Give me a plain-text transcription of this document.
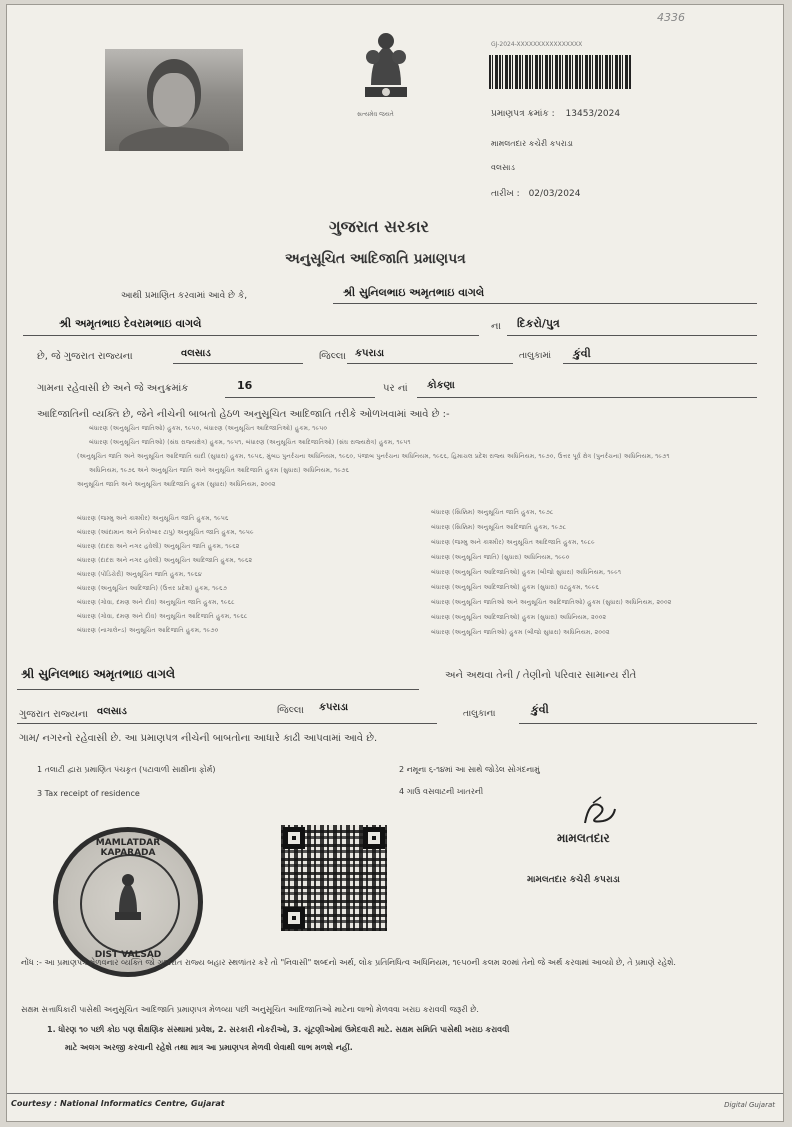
4336
સત્યમેવ જયતે
GJ-2024-XXXXXXXXXXXXXXXX
પ્રમાણપત્ર ક્રમાંક : 13453/2024
મામલતદાર કચેરી કપરાડા
વલસાડ
તારીખ : 02/03/2024
ગુજરાત સરકાર
અનુસૂચિત આદિજાતિ પ્રમાણપત્ર
આથી પ્રમાણિત કરવામાં આવે છે કે,	શ્રી સુનિલભાઇ અમૃતભાઇ વાગલે
શ્રી અમૃતભાઇ દેવરામભાઇ વાગલે	ના દિકરો/પુત્ર
છે, જે ગુજરાત રાજ્યના	વલસાડ	જિલ્લા કપરાડા	તાલુકામાં કુંવી
ગામના રહેવાસી છે અને જે અનુક્રમાંક	16	પર નાં કોકણા
આદિજાતિની વ્યક્તિ છે, જેને નીચેની બાબતો હેઠળ અનુસૂચિત આદિજાતિ તરીકે ઓળખવામાં આવે છે :-
બંધારણ (અનુસૂચિત જાતિઓ) હુકમ, ૧૯૫૦, બંધારણ (અનુસૂચિત આદિજાતિઓ) હુકમ, ૧૯૫૦
બંધારણ (અનુસૂચિત જાતિઓ) (સંઘ રાજ્યક્ષેત્ર) હુકમ, ૧૯૫૧, બંધારણ (અનુસૂચિત આદિજાતિઓ) (સંઘ રાજ્યક્ષેત્ર) હુકમ, ૧૯૫૧
(અનુસૂચિત જાતિ અને અનુસૂચિત આદિજાતિ યાદી (સુધારા) હુકમ, ૧૯૫૬, મુંબઇ પુનર્રચના અધિનિયમ, ૧૯૬૦, પંજાબ પુનર્રચના અધિનિયમ, ૧૯૬૬, હિમાચલ પ્રદેશ રાજ્ય અધિનિયમ, ૧૯૭૦, ઉત્તર પૂર્વ ક્ષેત્ર (પુનર્રચના) અધિનિયમ, ૧૯૭૧
અધિનિયમ, ૧૯૭૬ અને અનુસૂચિત જાતિ અને અનુસૂચિત આદિજાતિ હુકમ (સુધારા) અધિનિયમ, ૧૯૭૬
અનુસૂચિત જાતિ અને અનુસૂચિત આદિજાતિ હુકમ (સુધારા) અધિનિયમ, ૨૦૦૨
બંધારણ (જમ્મુ અને કાશ્મીર) અનુસૂચિત જાતિ હુકમ, ૧૯૫૬
બંધારણ (આંદામાન અને નિકોબાર ટાપુ) અનુસૂચિત જાતિ હુકમ, ૧૯૫૯
બંધારણ (દાદરા અને નગર હવેલી) અનુસૂચિત જાતિ હુકમ, ૧૯૬૨
બંધારણ (દાદરા અને નગર હવેલી) અનુસૂચિત આદિજાતિ હુકમ, ૧૯૬૨
બંધારણ (પોંડિચેરી) અનુસૂચિત જાતિ હુકમ, ૧૯૬૪
બંધારણ (અનુસૂચિત આદિજાતિ) (ઉત્તર પ્રદેશ) હુકમ, ૧૯૬૭
બંધારણ (ગોવા, દમણ અને દીવ) અનુસૂચિત જાતિ હુકમ, ૧૯૬૮
બંધારણ (ગોવા, દમણ અને દીવ) અનુસૂચિત આદિજાતિ હુકમ, ૧૯૬૮
બંધારણ (નાગાલેન્ડ) અનુસૂચિત આદિજાતિ હુકમ, ૧૯૭૦
બંધારણ (સિક્કિમ) અનુસૂચિત જાતિ હુકમ, ૧૯૭૮
બંધારણ (સિક્કિમ) અનુસૂચિત આદિજાતિ હુકમ, ૧૯૭૮
બંધારણ (જમ્મુ અને કાશ્મીર) અનુસૂચિત આદિજાતિ હુકમ, ૧૯૮૯
બંધારણ (અનુસૂચિત જાતિ) (સુધારા) અધિનિયમ, ૧૯૯૦
બંધારણ (અનુસૂચિત આદિજાતિઓ) હુકમ (બીજો સુધારા) અધિનિયમ, ૧૯૯૧
બંધારણ (અનુસૂચિત આદિજાતિઓ) હુકમ (સુધારા) વટહુકમ, ૧૯૯૬
બંધારણ (અનુસૂચિત જાતિઓ અને અનુસૂચિત આદિજાતિઓ) હુકમ (સુધારા) અધિનિયમ, ૨૦૦૨
બંધારણ (અનુસૂચિત આદિજાતિઓ) હુકમ (સુધારા) અધિનિયમ, ૨૦૦૨
બંધારણ (અનુસૂચિત જાતિઓ) હુકમ (બીજો સુધારા) અધિનિયમ, ૨૦૦૨
શ્રી સુનિલભાઇ અમૃતભાઇ વાગલે	અને અથવા તેની / તેણીનો પરિવાર સામાન્ય રીતે
ગુજરાત રાજ્યના વલસાડ	જિલ્લા કપરાડા
તાલુકાના	કુંવી
ગામ/ નગરનો રહેવાસી છે. આ પ્રમાણપત્ર નીચેની બાબતોના આધારે કાઢી આપવામાં આવે છે.
1 તલાટી દ્વારા પ્રમાણિત પંચકૃત (પટાવાળી સાક્ષીના ફોર્મ)	2 નમૂના ૬-૧૪માં આ સાથે જોડેલ સોગંદનામું
3 Tax receipt of residence	4 ગાઉ વસવાટની ખાતરની
મામલતદાર
મામલતદાર કચેરી કપરાડા
MAMLATDAR KAPARADA
DIST VALSAD
નોંધ :- આ પ્રમાણપત્ર મેળવનાર વ્યક્તિ જો ગુજરાત રાજ્ય બહાર સ્થળાંતર કરે તો "નિવાસી" શબ્દનો અર્થ, લોક પ્રતિનિધિત્વ અધિનિયમ, ૧૯૫૦ની કલમ ૨૦માં તેનો જે અર્થ કરવામાં આવ્યો છે, તે પ્રમાણે રહેશે.
સક્ષમ સત્તાધિકારી પાસેથી અનુસૂચિત આદિજાતિ પ્રમાણપત્ર મેળવ્યા પછી અનુસૂચિત આદિજાતિઓ માટેના લાભો મેળવવા ખરાઇ કરાવવી જરૂરી છે.
1. ધોરણ ૧૦ પછી કોઇ પણ શૈક્ષણિક સંસ્થામાં પ્રવેશ, 2. સરકારી નોકરીઓ, 3. ચૂંટણીઓમાં ઉમેદવારી માટે. સક્ષમ સમિતિ પાસેથી ખરાઇ કરાવવી
માટે અલગ અરજી કરવાની રહેશે તથા માત્ર આ પ્રમાણપત્ર મેળવી લેવાથી લાભ મળશે નહીં.
Courtesy : National Informatics Centre, Gujarat	Digital Gujarat
